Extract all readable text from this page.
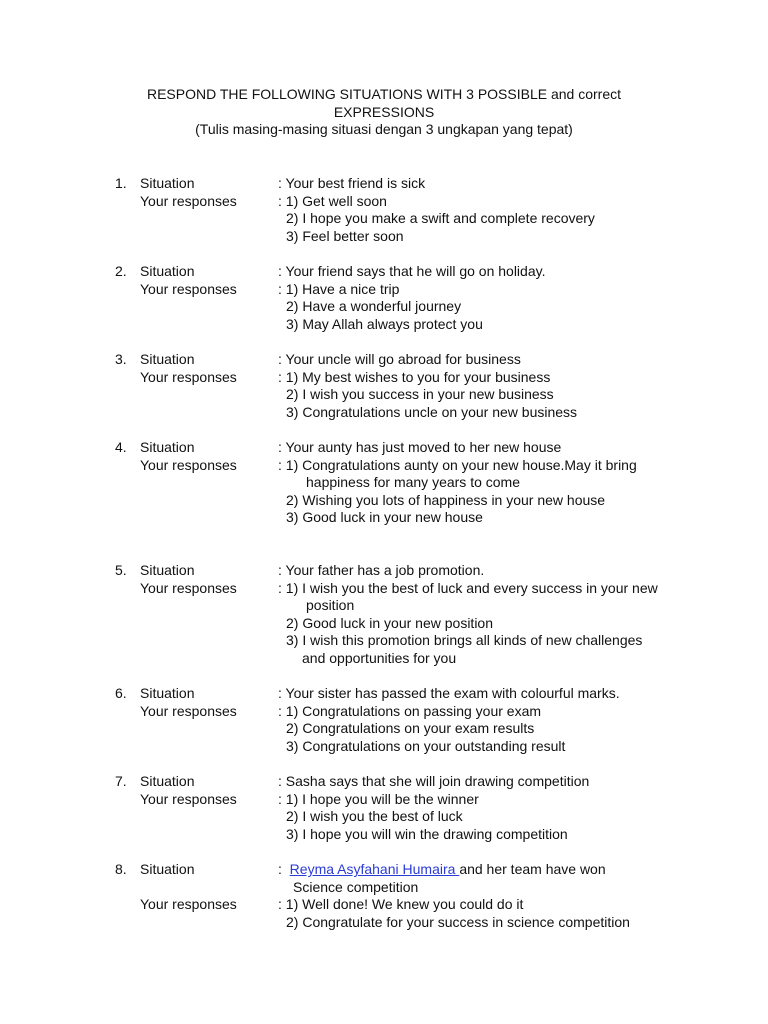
RESPOND THE FOLLOWING SITUATIONS WITH 3 POSSIBLE and correct
EXPRESSIONS
(Tulis masing-masing situasi dengan 3 ungkapan yang tepat)
1. Situation	: Your best friend is sick
Your responses	: 1) Get well soon
2) I hope you make a swift and complete recovery
3) Feel better soon
2. Situation	: Your friend says that he will go on holiday.
Your responses	: 1) Have a nice trip
2) Have a wonderful journey
3) May Allah always protect you
3. Situation	: Your uncle will go abroad for business
Your responses	: 1) My best wishes to you for your business
2) I wish you success in your new business
3) Congratulations uncle on your new business
4. Situation	: Your aunty has just moved to her new house
Your responses	: 1) Congratulations aunty on your new house.May it bring
happiness for many years to come
2) Wishing you lots of happiness in your new house
3) Good luck in your new house
5. Situation	: Your father has a job promotion.
Your responses	: 1) I wish you the best of luck and every success in your new
position
2) Good luck in your new position
3) I wish this promotion brings all kinds of new challenges
and opportunities for you
6. Situation	: Your sister has passed the exam with colourful marks.
Your responses	: 1) Congratulations on passing your exam
2) Congratulations on your exam results
3) Congratulations on your outstanding result
7. Situation	: Sasha says that she will join drawing competition
Your responses	: 1) I hope you will be the winner
2) I wish you the best of luck
3) I hope you will win the drawing competition
8. Situation	:  Reyma Asyfahani Humaira and her team have won
Science competition
Your responses	: 1) Well done! We knew you could do it
2) Congratulate for your success in science competition
